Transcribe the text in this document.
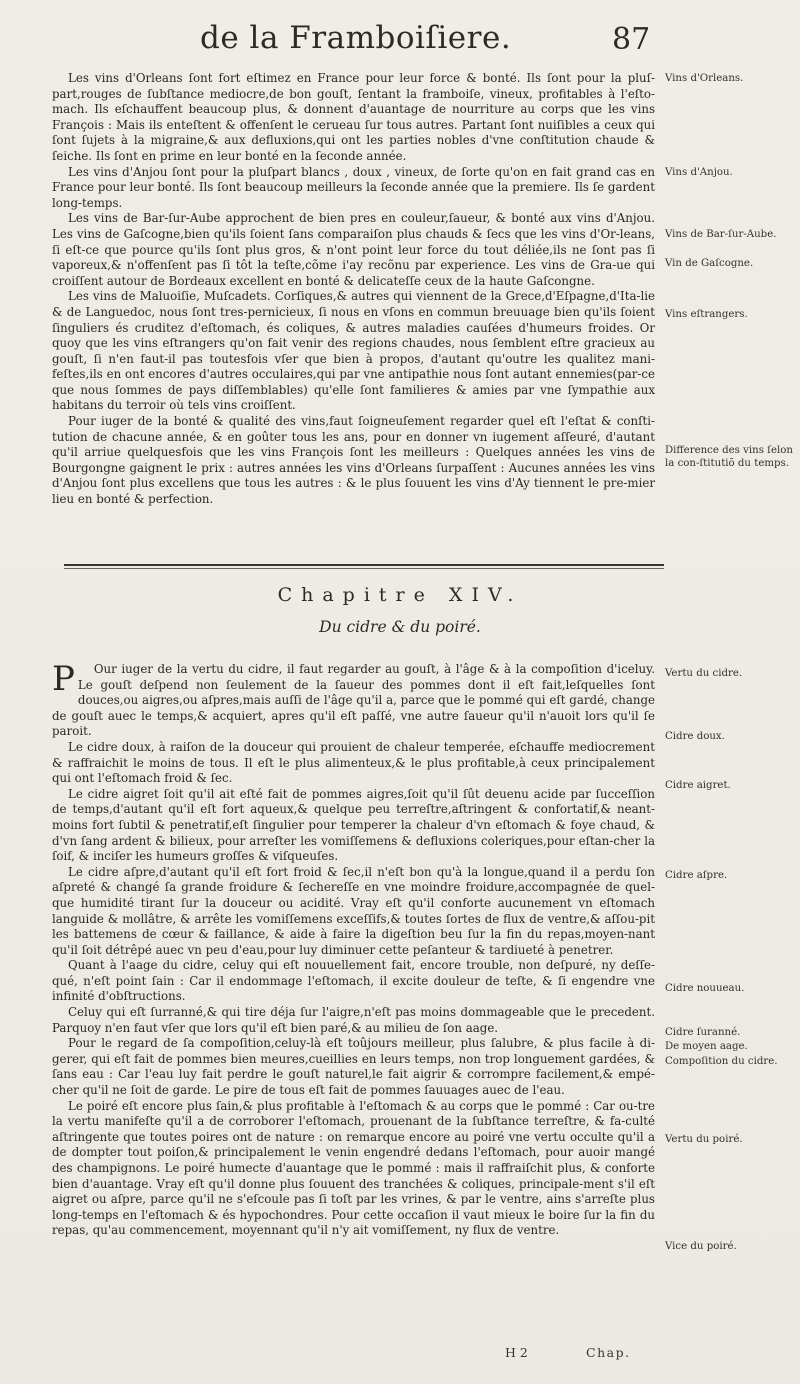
de la Framboiſiere.	87

Les vins d'Orleans ſont fort eſtimez en France pour leur force & bonté. Ils ſont pour la pluſ-part,rouges de ſubſtance mediocre,de bon gouſt, ſentant la framboiſe, vineux, profitables à l'eſto-mach. Ils eſchauffent beaucoup plus, & donnent d'auantage de nourriture au corps que les vins François : Mais ils enteſtent & offenſent le cerueau ſur tous autres. Partant ſont nuiſibles a ceux qui ſont ſujets à la migraine,& aux defluxions,qui ont les parties nobles d'vne conſtitution chaude & ſeiche. Ils ſont en prime en leur bonté en la ſeconde année.

Les vins d'Anjou ſont pour la pluſpart blancs , doux , vineux, de ſorte qu'on en fait grand cas en France pour leur bonté. Ils ſont beaucoup meilleurs la ſeconde année que la premiere. Ils ſe gardent long-temps.

Les vins de Bar-ſur-Aube approchent de bien pres en couleur,ſaueur, & bonté aux vins d'Anjou. Les vins de Gaſcogne,bien qu'ils ſoient ſans comparaiſon plus chauds & ſecs que les vins d'Or-leans, ſi eſt-ce que pource qu'ils ſont plus gros, & n'ont point leur force du tout déliée,ils ne ſont pas ſi vaporeux,& n'offenſent pas ſi tôt la teſte,cõme i'ay recõnu par experience. Les vins de Gra-ue qui croiſſent autour de Bordeaux excellent en bonté & delicateſſe ceux de la haute Gaſcongne.

Les vins de Maluoiſie, Muſcadets. Corſiques,& autres qui viennent de la Grece,d'Eſpagne,d'Ita-lie & de Languedoc, nous ſont tres-pernicieux, ſi nous en vſons en commun breuuage bien qu'ils ſoient ſinguliers és cruditez d'eſtomach, és coliques, & autres maladies cauſées d'humeurs froides. Or quoy que les vins eſtrangers qu'on fait venir des regions chaudes, nous ſemblent eſtre gracieux au gouſt, ſi n'en faut-il pas toutesfois vſer que bien à propos, d'autant qu'outre les qualitez mani-feſtes,ils en ont encores d'autres occulaires,qui par vne antipathie nous ſont autant ennemies(par-ce que nous ſommes de pays diſſemblables) qu'elle ſont familieres & amies par vne ſympathie aux habitans du terroir où tels vins croiſſent.

Pour iuger de la bonté & qualité des vins,faut ſoigneuſement regarder quel eſt l'eſtat & conſti-tution de chacune année, & en goûter tous les ans, pour en donner vn iugement aſſeuré, d'autant qu'il arriue quelquesfois que les vins François ſont les meilleurs : Quelques années les vins de Bourgongne gaignent le prix : autres années les vins d'Orleans ſurpaſſent : Aucunes années les vins d'Anjou ſont plus excellens que tous les autres : & le plus ſouuent les vins d'Ay tiennent le pre-mier lieu en bonté & perfection.

Vins d'Orleans.
Vins d'Anjou.
Vins de Bar-ſur-Aube.
Vin de Gaſcogne.
Vins eſtrangers.
Difference des vins ſelon la con-ſtitutiõ du temps.
Chapitre XIV.
Du cidre & du poiré.

P Our iuger de la vertu du cidre, il faut regarder au gouſt, à l'âge & à la compoſition d'iceluy. Le gouſt deſpend non ſeulement de la ſaueur des pommes dont il eſt fait,leſquelles ſont douces,ou aigres,ou aſpres,mais auſſi de l'âge qu'il a, parce que le pommé qui eſt gardé, change de gouſt auec le temps,& acquiert, apres qu'il eſt paſſé, vne autre ſaueur qu'il n'auoit lors qu'il ſe paroit.

Le cidre doux, à raiſon de la douceur qui prouient de chaleur temperée, eſchauffe mediocrement & raffraichit le moins de tous. Il eſt le plus alimenteux,& le plus profitable,à ceux principalement qui ont l'eſtomach froid & ſec.

Le cidre aigret ſoit qu'il ait eſté fait de pommes aigres,ſoit qu'il ſût deuenu acide par ſucceſſion de temps,d'autant qu'il eſt fort aqueux,& quelque peu terreſtre,aſtringent & confortatif,& neant-moins fort ſubtil & penetratif,eſt ſingulier pour temperer la chaleur d'vn eſtomach & foye chaud, & d'vn ſang ardent & bilieux, pour arreſter les vomiſſemens & defluxions coleriques,pour eſtan-cher la ſoif, & inciſer les humeurs groſſes & viſqueuſes.

Le cidre aſpre,d'autant qu'il eſt fort froid & ſec,il n'eſt bon qu'à la longue,quand il a perdu ſon aſpreté & changé ſa grande froidure & ſechereſſe en vne moindre froidure,accompagnée de quel-que humidité tirant ſur la douceur ou acidité. Vray eſt qu'il conforte aucunement vn eſtomach languide & mollâtre, & arrête les vomiſſemens exceſſifs,& toutes ſortes de flux de ventre,& aſſou-pit les battemens de cœur & faillance, & aide à faire la digeſtion beu ſur la fin du repas,moyen-nant qu'il ſoit détrêpé auec vn peu d'eau,pour luy diminuer cette peſanteur & tardiueté à penetrer.

Quant à l'aage du cidre, celuy qui eſt nouuellement fait, encore trouble, non deſpuré, ny deſſe-qué, n'eſt point ſain : Car il endommage l'eſtomach, il excite douleur de teſte, & ſi engendre vne infinité d'obſtructions.

Celuy qui eſt ſurranné,& qui tire déja ſur l'aigre,n'eſt pas moins dommageable que le precedent. Parquoy n'en faut vſer que lors qu'il eſt bien paré,& au milieu de ſon aage.

Pour le regard de ſa compoſition,celuy-là eſt toûjours meilleur, plus ſalubre, & plus facile à di-gerer, qui eſt fait de pommes bien meures,cueillies en leurs temps, non trop longuement gardées, & ſans eau : Car l'eau luy fait perdre le gouſt naturel,le fait aigrir & corrompre facilement,& empé-cher qu'il ne ſoit de garde. Le pire de tous eſt fait de pommes ſauuages auec de l'eau.

Le poiré eſt encore plus ſain,& plus profitable à l'eſtomach & au corps que le pommé : Car ou-tre la vertu manifeſte qu'il a de corroborer l'eſtomach, prouenant de la ſubſtance terreſtre, & fa-culté aſtringente que toutes poires ont de nature : on remarque encore au poiré vne vertu occulte qu'il a de dompter tout poiſon,& principalement le venin engendré dedans l'eſtomach, pour auoir mangé des champignons. Le poiré humecte d'auantage que le pommé : mais il raffraiſchit plus, & conforte bien d'auantage. Vray eſt qu'il donne plus ſouuent des tranchées & coliques, principale-ment s'il eſt aigret ou aſpre, parce qu'il ne s'eſcoule pas ſi toſt par les vrines, & par le ventre, ains s'arreſte plus long-temps en l'eſtomach & és hypochondres. Pour cette occaſion il vaut mieux le boire ſur la fin du repas, qu'au commencement, moyennant qu'il n'y ait vomiſſement, ny flux de ventre.

Vertu du cidre.
Cidre doux.
Cidre aigret.
Cidre aſpre.
Cidre nouueau.
Cidre ſuranné.
De moyen aage.
Compoſition du cidre.
Vertu du poiré.
Vice du poiré.
H 2	Chap.
